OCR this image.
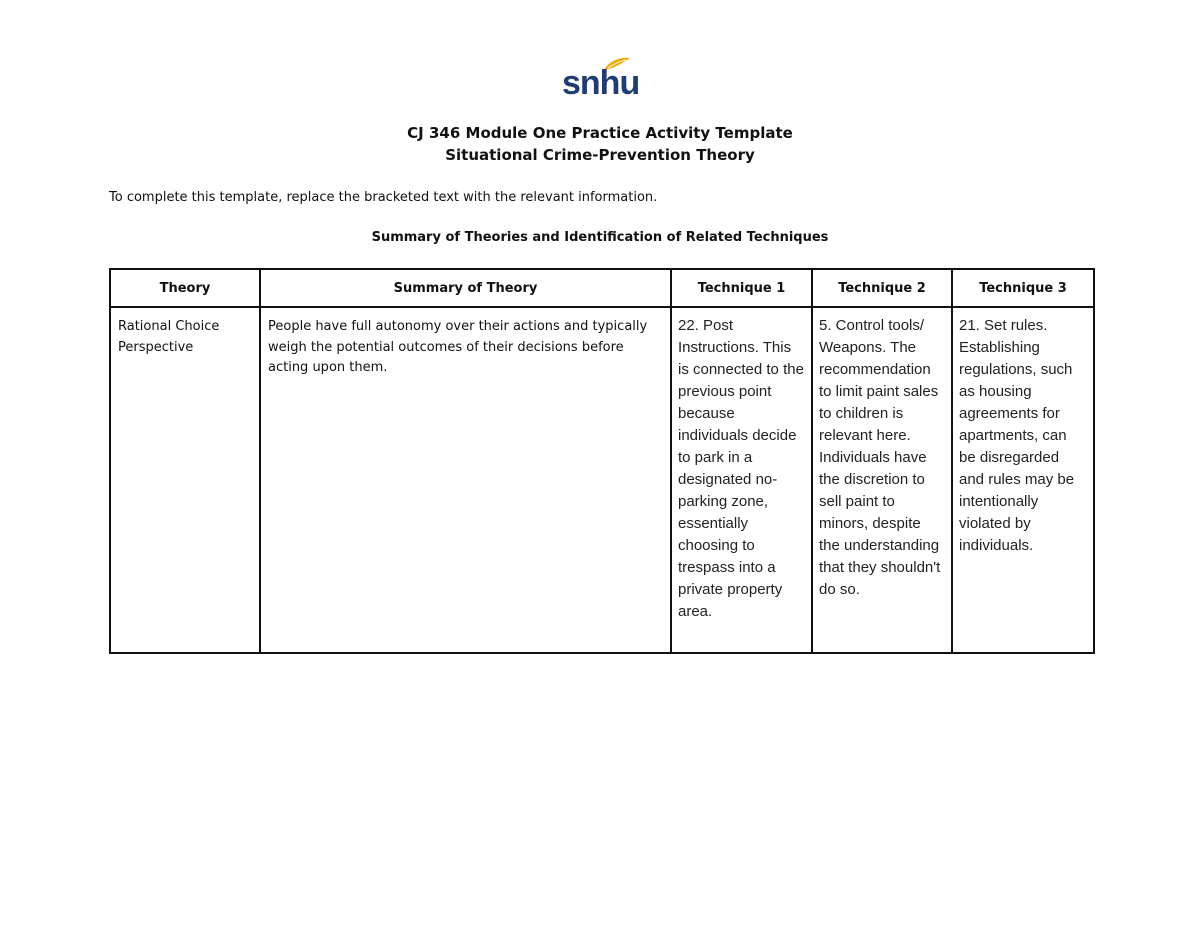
snhu
CJ 346 Module One Practice Activity Template
Situational Crime-Prevention Theory
To complete this template, replace the bracketed text with the relevant information.
Summary of Theories and Identification of Related Techniques
Theory	Summary of Theory	Technique 1	Technique 2	Technique 3

Rational Choice Perspective	People have full autonomy over their actions and typically weigh the potential outcomes of their decisions before acting upon them.	22. Post Instructions. This is connected to the previous point because individuals decide to park in a designated no-parking zone, essentially choosing to trespass into a private property area.	5. Control tools/ Weapons. The recommendation to limit paint sales to children is relevant here. Individuals have the discretion to sell paint to minors, despite the understanding that they shouldn't do so.	21. Set rules. Establishing regulations, such as housing agreements for apartments, can be disregarded and rules may be intentionally violated by individuals.
